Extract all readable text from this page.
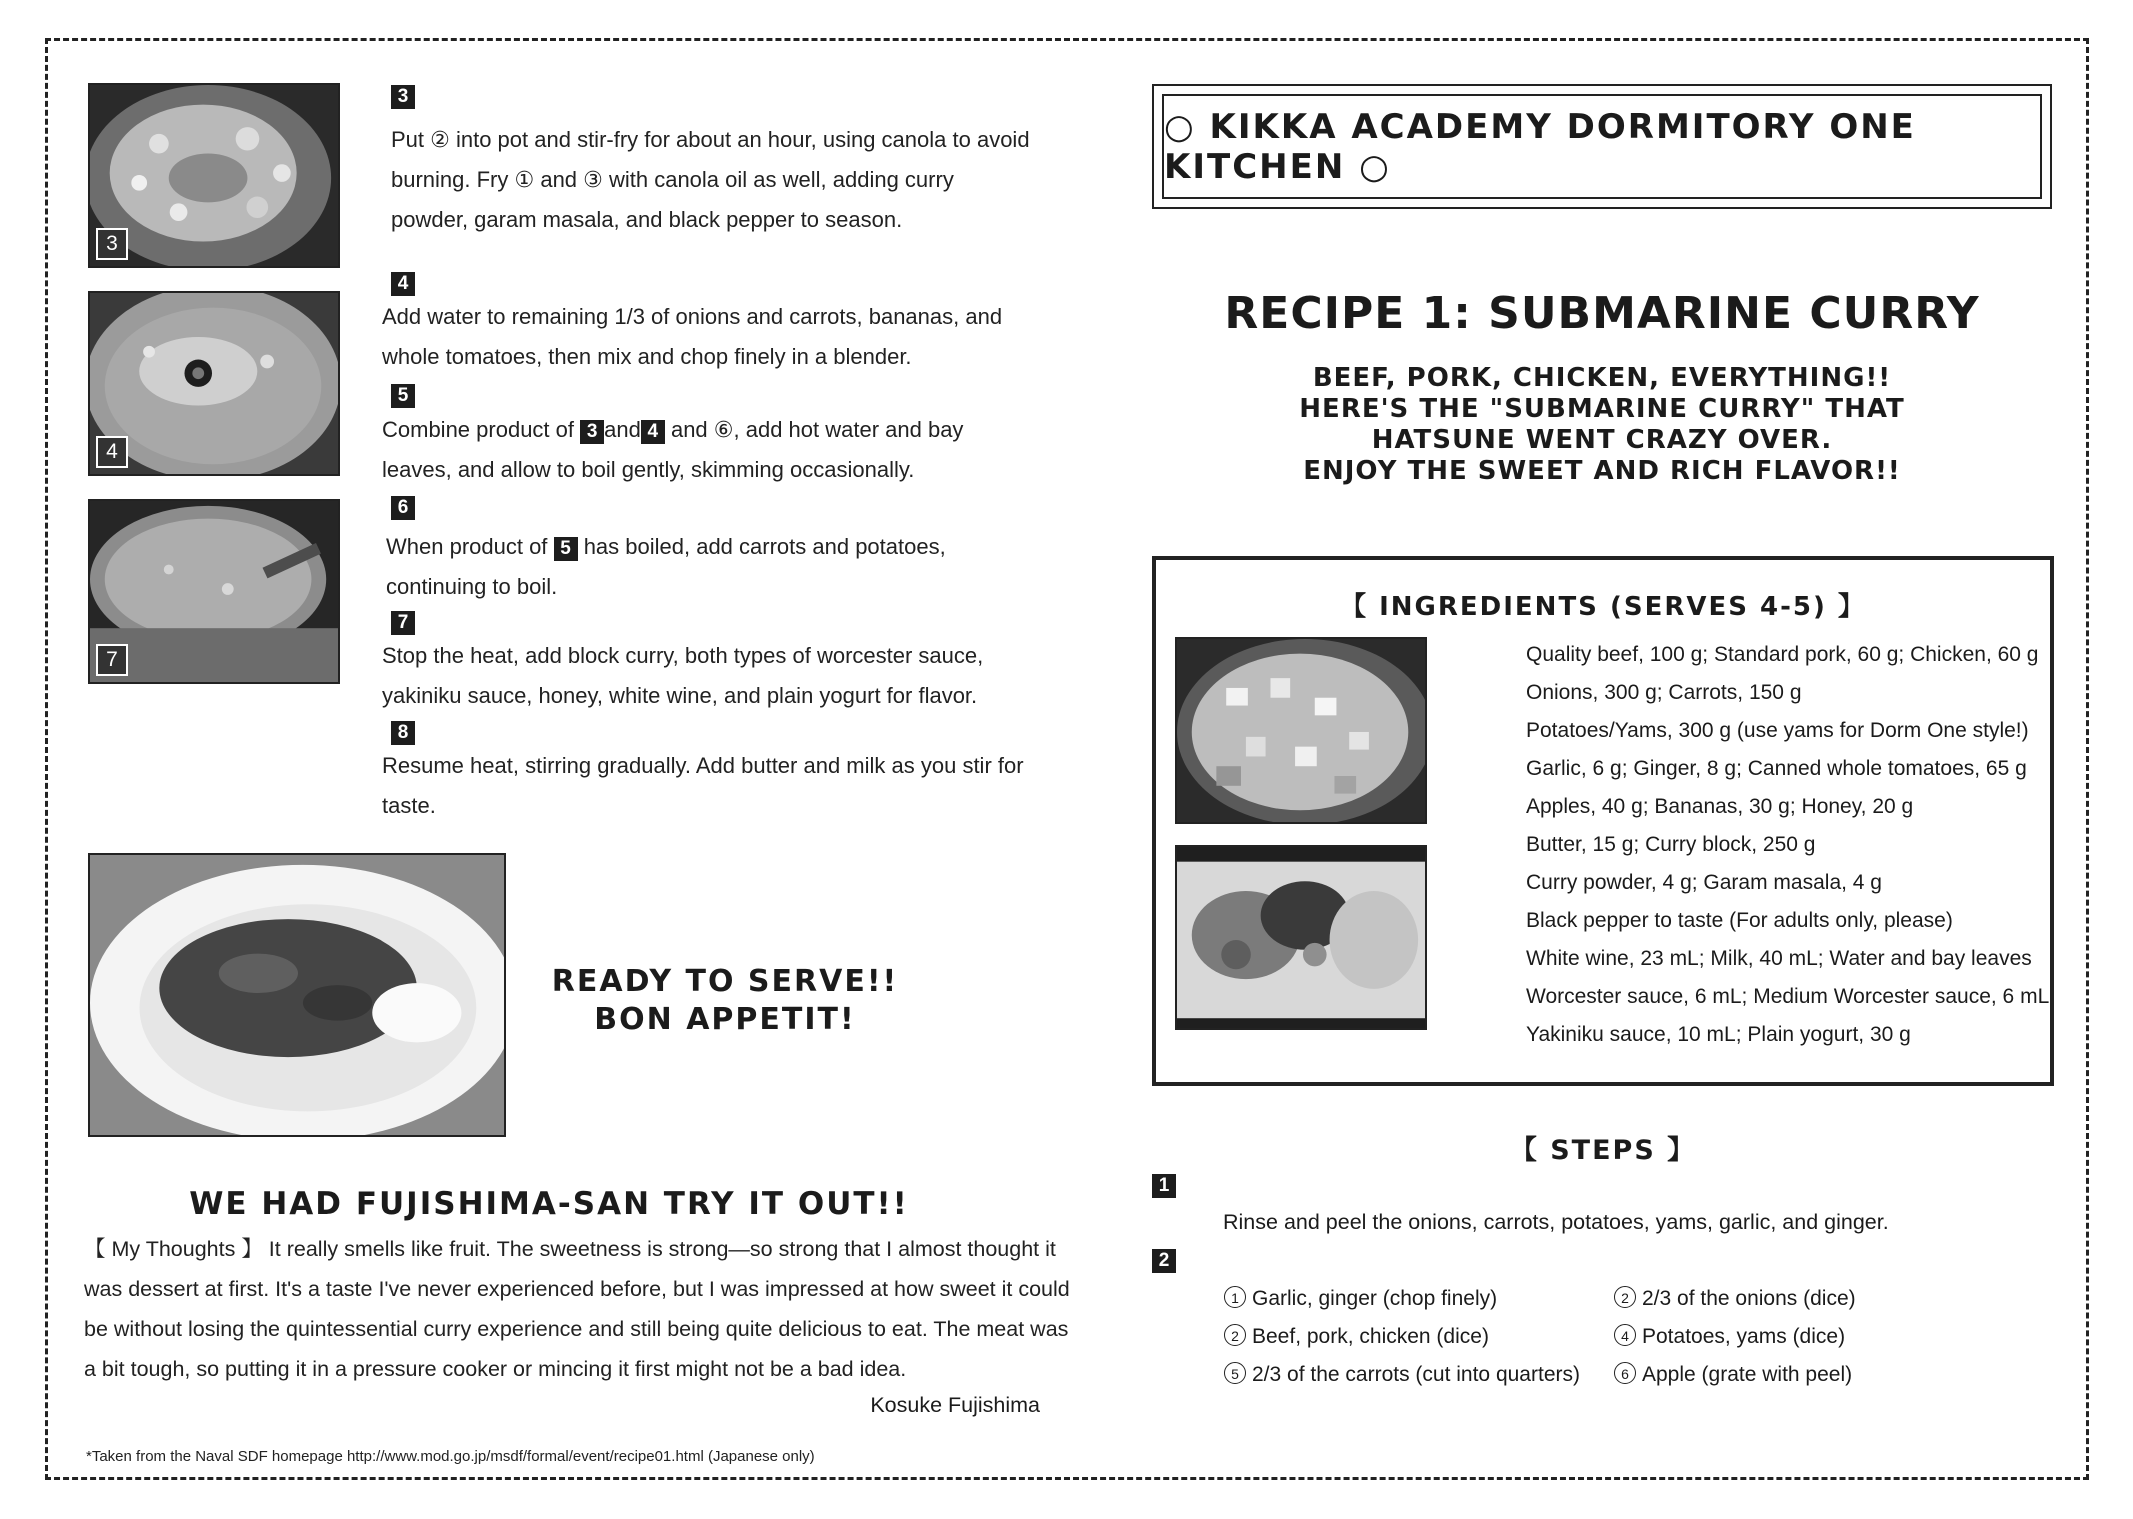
3
4
7
3
Put ② into pot and stir-fry for about an hour, using canola to avoid
burning. Fry ① and ③ with canola oil as well, adding curry
powder, garam masala, and black pepper to season.
4
Add water to remaining 1/3 of onions and carrots, bananas, and
whole tomatoes, then mix and chop finely in a blender.
5
Combine product of 3 and 4 and ⑥, add hot water and bay
leaves, and allow to boil gently, skimming occasionally.
6
When product of 5 has boiled, add carrots and potatoes,
continuing to boil.
7
Stop the heat, add block curry, both types of worcester sauce,
yakiniku sauce, honey, white wine, and plain yogurt for flavor.
8
Resume heat, stirring gradually. Add butter and milk as you stir for
taste.
READY TO SERVE!!
BON APPETIT!
WE HAD FUJISHIMA-SAN TRY IT OUT!!
【 My Thoughts 】 It really smells like fruit. The sweetness is strong—so strong that I almost thought it
was dessert at first. It's a taste I've never experienced before, but I was impressed at how sweet it could
be without losing the quintessential curry experience and still being quite delicious to eat. The meat was
a bit tough, so putting it in a pressure cooker or mincing it first might not be a bad idea.
Kosuke Fujishima
*Taken from the Naval SDF homepage http://www.mod.go.jp/msdf/formal/event/recipe01.html (Japanese only)
○ KIKKA ACADEMY DORMITORY ONE KITCHEN ○
RECIPE 1: SUBMARINE CURRY
BEEF, PORK, CHICKEN, EVERYTHING!!
HERE'S THE "SUBMARINE CURRY" THAT
HATSUNE WENT CRAZY OVER.
ENJOY THE SWEET AND RICH FLAVOR!!
【 INGREDIENTS (SERVES 4-5) 】
Quality beef, 100 g; Standard pork, 60 g; Chicken, 60 g
Onions, 300 g; Carrots, 150 g
Potatoes/Yams, 300 g (use yams for Dorm One style!)
Garlic, 6 g; Ginger, 8 g; Canned whole tomatoes, 65 g
Apples, 40 g; Bananas, 30 g; Honey, 20 g
Butter, 15 g; Curry block, 250 g
Curry powder, 4 g; Garam masala, 4 g
Black pepper to taste (For adults only, please)
White wine, 23 mL; Milk, 40 mL; Water and bay leaves
Worcester sauce, 6 mL; Medium Worcester sauce, 6 mL
Yakiniku sauce, 10 mL; Plain yogurt, 30 g
【 STEPS 】
1
Rinse and peel the onions, carrots, potatoes, yams, garlic, and ginger.
2
1 Garlic, ginger (chop finely)	2 2/3 of the onions (dice)
2 Beef, pork, chicken (dice)	4 Potatoes, yams (dice)
5 2/3 of the carrots (cut into quarters)	6 Apple (grate with peel)
